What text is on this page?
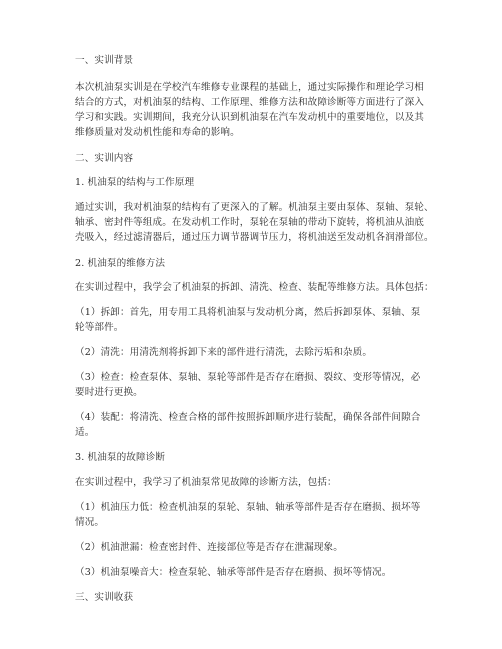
一、实训背景
本次机油泵实训是在学校汽车维修专业课程的基础上，通过实际操作和理论学习相
结合的方式，对机油泵的结构、工作原理、维修方法和故障诊断等方面进行了深入
学习和实践。实训期间，我充分认识到机油泵在汽车发动机中的重要地位，以及其
维修质量对发动机性能和寿命的影响。
二、实训内容
1. 机油泵的结构与工作原理
通过实训，我对机油泵的结构有了更深入的了解。机油泵主要由泵体、泵轴、泵轮、
轴承、密封件等组成。在发动机工作时，泵轮在泵轴的带动下旋转，将机油从油底
壳吸入，经过滤清器后，通过压力调节器调节压力，将机油送至发动机各润滑部位。
2. 机油泵的维修方法
在实训过程中，我学会了机油泵的拆卸、清洗、检查、装配等维修方法。具体包括：
（1）拆卸：首先，用专用工具将机油泵与发动机分离，然后拆卸泵体、泵轴、泵
轮等部件。
（2）清洗：用清洗剂将拆卸下来的部件进行清洗，去除污垢和杂质。
（3）检查：检查泵体、泵轴、泵轮等部件是否存在磨损、裂纹、变形等情况，必
要时进行更换。
（4）装配：将清洗、检查合格的部件按照拆卸顺序进行装配，确保各部件间隙合
适。
3. 机油泵的故障诊断
在实训过程中，我学习了机油泵常见故障的诊断方法，包括：
（1）机油压力低：检查机油泵的泵轮、泵轴、轴承等部件是否存在磨损、损坏等
情况。
（2）机油泄漏：检查密封件、连接部位等是否存在泄漏现象。
（3）机油泵噪音大：检查泵轮、轴承等部件是否存在磨损、损坏等情况。
三、实训收获
